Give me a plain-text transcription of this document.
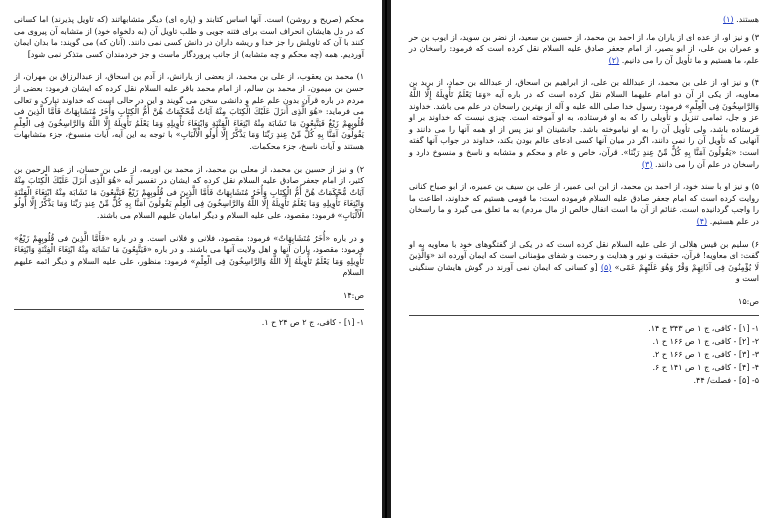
محکم (صریح و روشن) است. آنها اساس کتابند و (پاره ای) دیگر متشابهاتند (که تاویل پذیرند) اما کسانی که در دل هایشان انحراف است برای فتنه جویی و طلب تاویل آن (به دلخواه خود) از متشابه آن پیروی می کنند با آن که تاویلش را جز خدا و ریشه داران در دانش کسی نمی دانند. (آنان که) می گویند: ما بدان ایمان آوردیم. همه (چه محکم و چه متشابه) از جانب پروردگار ماست و جز خردمندان کسی متذکر نمی شود]

۱) محمد بن یعقوب، از علی بن محمد، از بعضی از یارانش، از آدم بن اسحاق، از عبدالرزاق بن مهران، از حسن بن میمون، از محمد بن سالم، از امام محمد باقر علیه السلام نقل کرده که ایشان فرمود: بعضی از مردم در باره قرآن بدون علم علم و دانشی سخن می گویند و این در حالی است که خداوند تبارک و تعالی می فرماید: «هُوَ الَّذِی أَنزَلَ عَلَیْكَ الْكِتَابَ مِنْهُ آیَاتٌ مُّحْكَمَاتٌ هُنَّ أُمُّ الْكِتَابِ وَأُخَرُ مُتَشَابِهَاتٌ فَأَمَّا الَّذِینَ فی قُلُوبِهِمْ زَیْغٌ فَیَتَّبِعُونَ مَا تَشَابَهَ مِنْهُ ابْتِغَاءَ الْفِتْنَةِ وَابْتِغَاءَ تَأْوِیلِهِ وَمَا یَعْلَمُ تَأْوِیلَهُ إِلَّا اللَّهُ وَالرَّاسِخُونَ فِی الْعِلْمِ یَقُولُونَ آمَنَّا بِهِ كُلٌّ مِّنْ عِندِ رَبِّنَا وَمَا یَذَّكَّرُ إِلَّا أُولُو الْأَلْبَابِ» با توجه به این آیه، آیات منسوخ، جزء متشابهات هستند و آیات ناسخ، جزء محکمات.

۲) و نیز از حسین بن محمد، از معلی بن محمد، از محمد بن اورمه، از علی بن حسان، از عبد الرحمن بن کثیر، از امام جعفر صادق علیه السلام نقل کرده که ایشان در تفسیر آیه «هُوَ الَّذِی أَنزَلَ عَلَیْكَ الْكِتَابَ مِنْهُ آیَاتٌ مُّحْكَمَاتٌ هُنَّ أُمُّ الْكِتَابِ وَأُخَرُ مُتَشَابِهَاتٌ فَأَمَّا الَّذِینَ فی قُلُوبِهِمْ زَیْغٌ فَیَتَّبِعُونَ مَا تَشَابَهَ مِنْهُ ابْتِغَاءَ الْفِتْنَةِ وَابْتِغَاءَ تَأْوِیلِهِ وَمَا یَعْلَمُ تَأْوِیلَهُ إِلَّا اللَّهُ وَالرَّاسِخُونَ فِی الْعِلْمِ یَقُولُونَ آمَنَّا بِهِ كُلٌّ مِّنْ عِندِ رَبِّنَا وَمَا یَذَّكَّرُ إِلَّا أُولُو الْأَلْبَابِ» فرمود: مقصود، علی علیه السلام و دیگر امامان علیهم السلام می باشند.

و در باره «أُخَرُ مُتَشَابِهَاتٌ» فرمود: مقصود، فلانی و فلانی است. و در باره «فَأَمَّا الَّذِینَ فی قُلُوبِهِمْ زَیْغٌ» فرمود: مقصود، یاران آنها و اهل ولایت آنها می باشند. و در باره «فَیَتَّبِعُونَ مَا تَشَابَهَ مِنْهُ ابْتِغَاءَ الْفِتْنَةِ وَابْتِغَاءَ تَأْوِیلِهِ وَمَا یَعْلَمُ تَأْوِیلَهُ إِلَّا اللَّهُ وَالرَّاسِخُونَ فِی الْعِلْمِ» فرمود: منظور، علی علیه السلام و دیگر ائمه علیهم السلام

ص:۱۴
۱- [۱] - کافی، ج ۲ ص ۲۴ ح ۱.

هستند. (۱)

۳) و نیز او، از عده ای از یاران ما، از احمد بن محمد، از حسین بن سعید، از نضر بن سوید، از ایوب بن حر و عمران بن علی، از ابو بصیر، از امام جعفر صادق علیه السلام نقل کرده است که فرمود: راسخان در علم، ما هستیم و ما تأویل آن را می دانیم. (۲)

۴) و نیز او، از علی بن محمد، از عبدالله بن علی، از ابراهیم بن اسحاق، از عبدالله بن حماد، از برید بن معاویه، از یکی از آن دو امام علیهما السلام نقل کرده است که در باره آیه «وَمَا یَعْلَمُ تَأْوِیلَهُ إِلَّا اللَّهُ وَالرَّاسِخُونَ فِی الْعِلْمِ» فرمود: رسول خدا صلی الله علیه و آله از بهترین راسخان در علم می باشد. خداوند عز و جل، تمامی تنزیل و تأویلی را که به او فرستاده، به او آموخته است. چیزی نیست که خداوند بر او فرستاده باشد، ولی تأویل آن را به او نیاموخته باشد. جانشینان او نیز پس از او همه آنها را می دانند و آنهایی که تأویل آن را نمی دانند، اگر در میان آنها کسی ادعای عالم بودن بکند، خداوند در جواب آنها گفته است: «یَقُولُونَ آمَنَّا بِهِ كُلٌّ مِّنْ عِندِ رَبِّنَا». قرآن، خاص و عام و محکم و متشابه و ناسخ و منسوخ دارد و راسخان در علم آن را می دانند. (۳)

۵) و نیز او با سند خود، از احمد بن محمد، از ابن ابی عمیر، از علی بن سیف بن عمیره، از ابو صباح کنانی روایت کرده است که امام جعفر صادق علیه السلام فرموده است: ما قومی هستیم که خداوند، اطاعت ما را واجب گردانیده است. غنائم از آن ما است انفال خالص از مال مردم) به ما تعلق می گیرد و ما راسخان در علم هستیم. (۴)

۶) سلیم بن قیس هلالی از علی علیه السلام نقل کرده است که در یکی از گفتگوهای خود با معاویه به او گفت: ای معاویه! قرآن، حقیقت و نور و هدایت و رحمت و شفای مؤمنانی است که ایمان آورده اند «وَالَّذِینَ لَا یُؤْمِنُونَ فِی آذَانِهِمْ وَقْرٌ وَهُوَ عَلَیْهِمْ عَمًى» (۵) [و کسانی که ایمان نمی آورند در گوش هایشان سنگینی است و

ص:۱۵
۱- [۱] - کافی، ج ۱ ص ۳۴۳ ح ۱۴.
۲- [۲] - کافی، ج ۱ ص ۱۶۶ ح ۱.
۳- [۳] - کافی، ج ۱ ص ۱۶۶ ح ۲.
۴- [۴] - کافی، ج ۱ ص ۱۴۱ ح ۶.
۵- [۵] - فصلت/ ۴۴.
